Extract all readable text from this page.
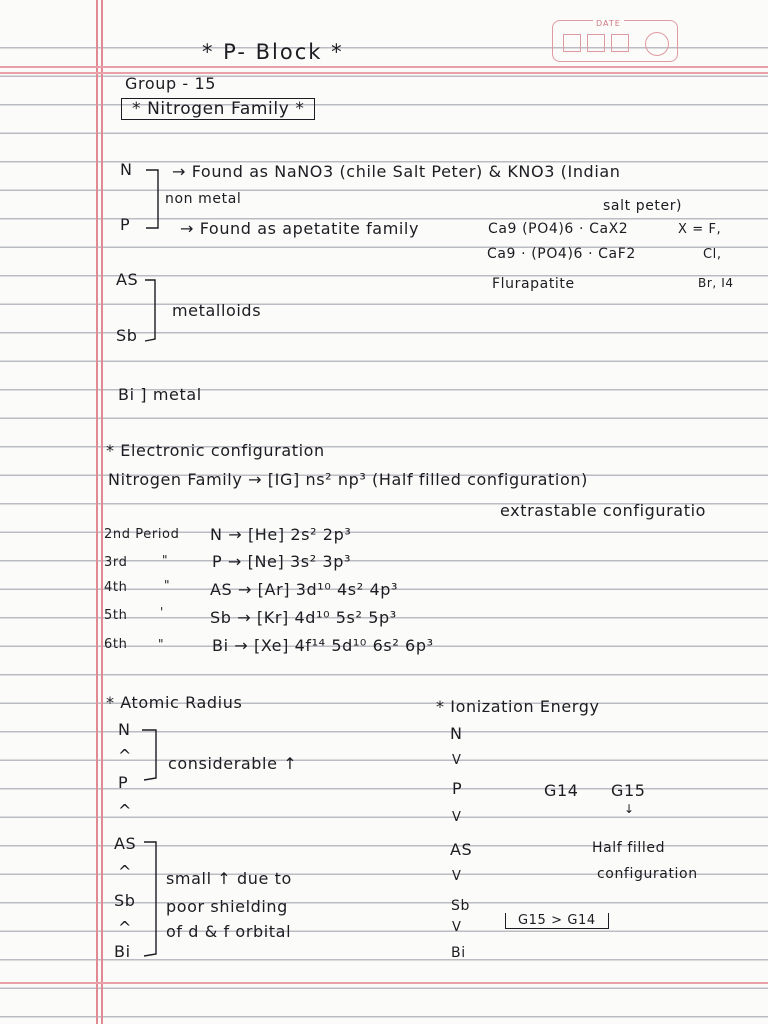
DATE
* P- Block *
Group - 15
* Nitrogen Family *
N → Found as NaNO3 (chile Salt Peter) & KNO3 (Indian
non metal	salt peter)
P	→ Found as apetatite family	Ca9 (PO4)6 · CaX2	X = F,
Ca9 · (PO4)6 · CaF2	Cl,
Flurapatite	Br, I4
AS
Sb
metalloids
Bi ] metal
* Electronic configuration
Nitrogen Family → [IG] ns² np³ (Half filled configuration)
extrastable configuratio
2nd Period N → [He] 2s² 2p³
3rd	"	P → [Ne] 3s² 3p³
4th	" AS → [Ar] 3d¹⁰ 4s² 4p³
5th	'	Sb → [Kr] 4d¹⁰ 5s² 5p³
6th	"	Bi → [Xe] 4f¹⁴ 5d¹⁰ 6s² 6p³
* Atomic Radius
N
^
P
^
AS
^
Sb
^
Bi
considerable ↑
small ↑ due to
poor shielding
of d & f orbital
* Ionization Energy
N
V
P
V
AS
V
Sb
V
Bi
G14 G15
↓
Half filled
configuration
G15 > G14
